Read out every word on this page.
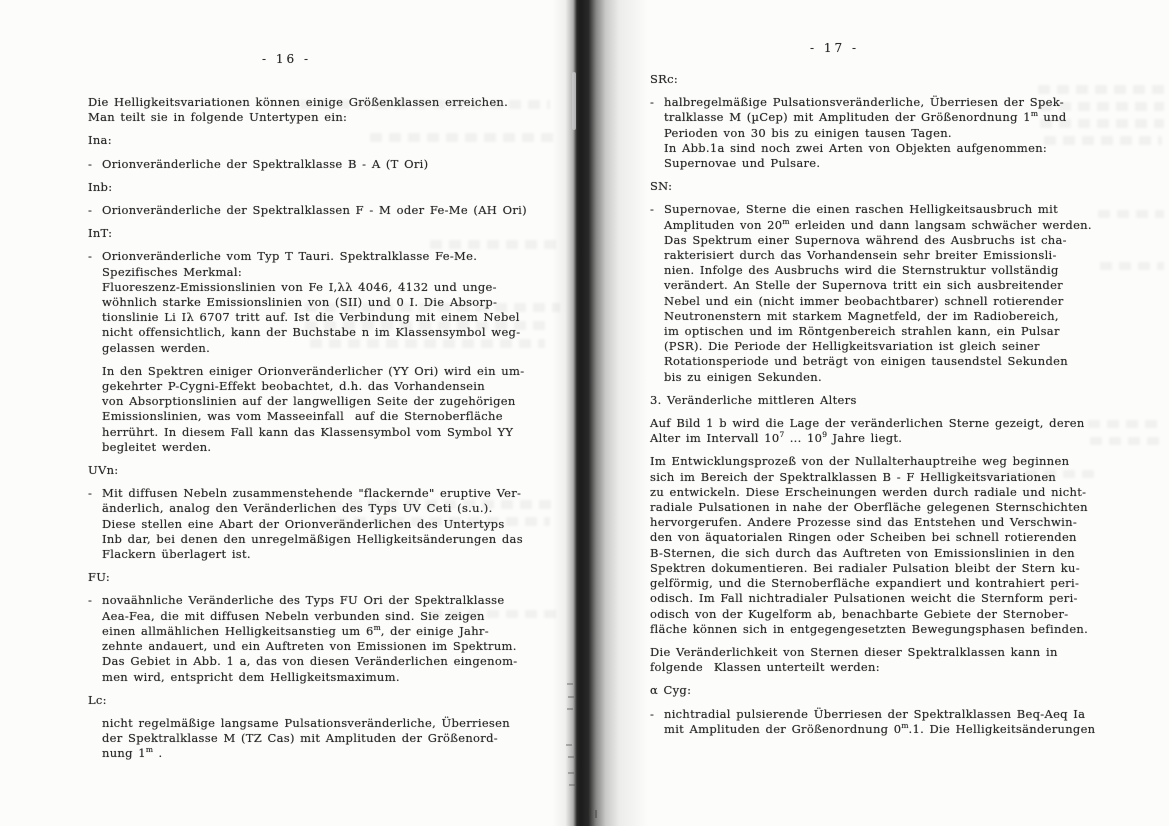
- 16 -
Die Helligkeitsvariationen können einige Größenklassen erreichen.
Man teilt sie in folgende Untertypen ein:
Ina:
- Orionveränderliche der Spektralklasse B - A (T Ori)
Inb:
- Orionveränderliche der Spektralklassen F - M oder Fe-Me (AH Ori)
InT:
- Orionveränderliche vom Typ T Tauri. Spektralklasse Fe-Me.
Spezifisches Merkmal:
Fluoreszenz-Emissionslinien von Fe I,λλ 4046, 4132 und unge-
wöhnlich starke Emissionslinien von (SII) und 0 I. Die Absorp-
tionslinie Li Iλ 6707 tritt auf. Ist die Verbindung mit einem Nebel
nicht offensichtlich, kann der Buchstabe n im Klassensymbol weg-
gelassen werden.
In den Spektren einiger Orionveränderlicher (YY Ori) wird ein um-
gekehrter P-Cygni-Effekt beobachtet, d.h. das Vorhandensein
von Absorptionslinien auf der langwelligen Seite der zugehörigen
Emissionslinien, was vom Masseeinfall  auf die Sternoberfläche
herrührt. In diesem Fall kann das Klassensymbol vom Symbol YY
begleitet werden.
UVn:
- Mit diffusen Nebeln zusammenstehende "flackernde" eruptive Ver-
änderlich, analog den Veränderlichen des Typs UV Ceti (s.u.).
Diese stellen eine Abart der Orionveränderlichen des Untertyps
Inb dar, bei denen den unregelmäßigen Helligkeitsänderungen das
Flackern überlagert ist.
FU:
- novaähnliche Veränderliche des Typs FU Ori der Spektralklasse
Aea-Fea, die mit diffusen Nebeln verbunden sind. Sie zeigen
einen allmählichen Helligkeitsanstieg um 6$^m$, der einige Jahr-
zehnte andauert, und ein Auftreten von Emissionen im Spektrum.
Das Gebiet in Abb. 1 a, das von diesen Veränderlichen eingenom-
men wird, entspricht dem Helligkeitsmaximum.
Lc:
nicht regelmäßige langsame Pulsationsveränderliche, Überriesen
der Spektralklasse M (TZ Cas) mit Amplituden der Größenord-
nung 1$^m$ .
- 17 -
SRc:
- halbregelmäßige Pulsationsveränderliche, Überriesen der Spek-
tralklasse M (µCep) mit Amplituden der Größenordnung 1$^m$ und
Perioden von 30 bis zu einigen tausen Tagen.
In Abb.1a sind noch zwei Arten von Objekten aufgenommen:
Supernovae und Pulsare.
SN:
- Supernovae, Sterne die einen raschen Helligkeitsausbruch mit
Amplituden von 20$^m$ erleiden und dann langsam schwächer werden.
Das Spektrum einer Supernova während des Ausbruchs ist cha-
rakterisiert durch das Vorhandensein sehr breiter Emissionsli-
nien. Infolge des Ausbruchs wird die Sternstruktur vollständig
verändert. An Stelle der Supernova tritt ein sich ausbreitender
Nebel und ein (nicht immer beobachtbarer) schnell rotierender
Neutronenstern mit starkem Magnetfeld, der im Radiobereich,
im optischen und im Röntgenbereich strahlen kann, ein Pulsar
(PSR). Die Periode der Helligkeitsvariation ist gleich seiner
Rotationsperiode und beträgt von einigen tausendstel Sekunden
bis zu einigen Sekunden.
3. Veränderliche mittleren Alters
Auf Bild 1 b wird die Lage der veränderlichen Sterne gezeigt, deren
Alter im Intervall $10^7$ ... $10^9$ Jahre liegt.
Im Entwicklungsprozeß von der Nullalterhauptreihe weg beginnen
sich im Bereich der Spektralklassen B - F Helligkeitsvariationen
zu entwickeln. Diese Erscheinungen werden durch radiale und nicht-
radiale Pulsationen in nahe der Oberfläche gelegenen Sternschichten
hervorgerufen. Andere Prozesse sind das Entstehen und Verschwin-
den von äquatorialen Ringen oder Scheiben bei schnell rotierenden
B-Sternen, die sich durch das Auftreten von Emissionslinien in den
Spektren dokumentieren. Bei radialer Pulsation bleibt der Stern ku-
gelförmig, und die Sternoberfläche expandiert und kontrahiert peri-
odisch. Im Fall nichtradialer Pulsationen weicht die Sternform peri-
odisch von der Kugelform ab, benachbarte Gebiete der Sternober-
fläche können sich in entgegengesetzten Bewegungsphasen befinden.
Die Veränderlichkeit von Sternen dieser Spektralklassen kann in
folgende  Klassen unterteilt werden:
α Cyg:
- nichtradial pulsierende Überriesen der Spektralklassen Beq-Aeq Ia
mit Amplituden der Größenordnung 0$^m$.1. Die Helligkeitsänderungen
